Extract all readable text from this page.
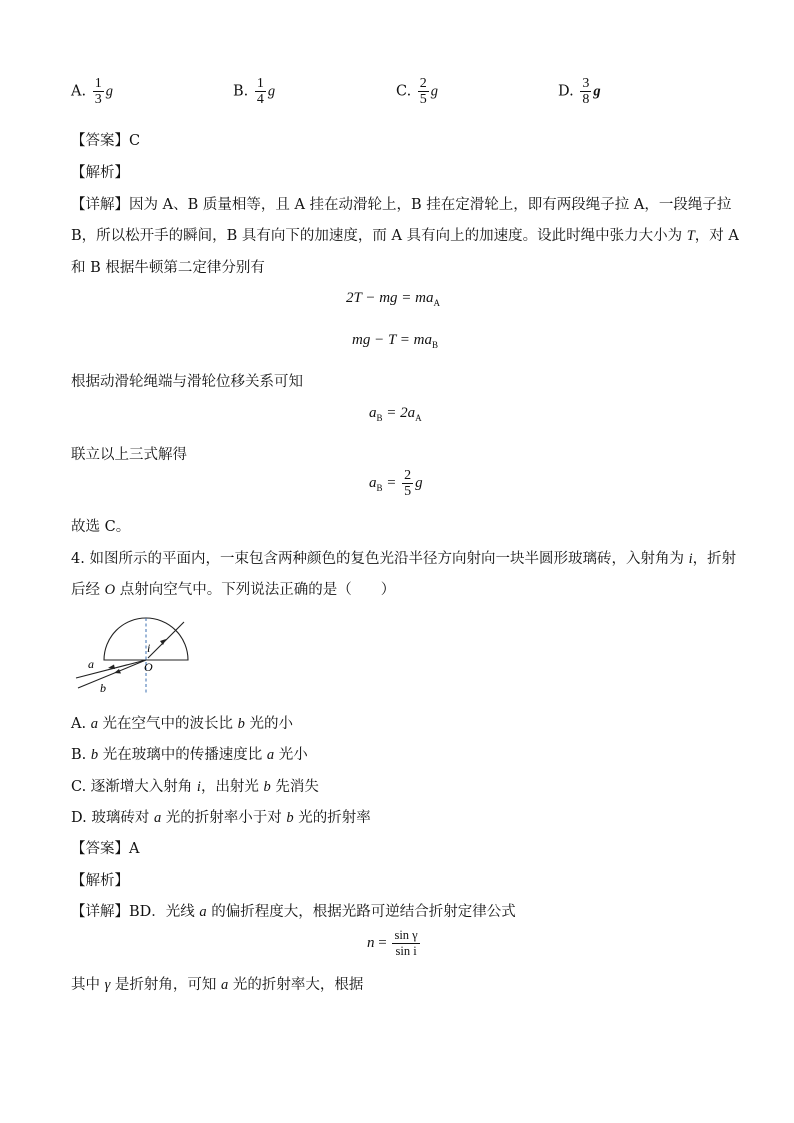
A. $\frac{1}{3}$ g	B. $\frac{1}{4}$ g	C. $\frac{2}{5}$ g	D. $\frac{3}{8}$ g
【答案】C
【解析】
【详解】因为 A、B 质量相等，且 A 挂在动滑轮上，B 挂在定滑轮上，即有两段绳子拉 A，一段绳子拉
B，所以松开手的瞬间，B 具有向下的加速度，而 A 具有向上的加速度。设此时绳中张力大小为 T，对 A
和 B 根据牛顿第二定律分别有
2T − mg = $ma_A$
mg − $T = ma_B$
根据动滑轮绳端与滑轮位移关系可知
$a_B = 2a_A$
联立以上三式解得
$a_B = \frac{2}{5}$ g
故选 C。
4. 如图所示的平面内，一束包含两种颜色的复色光沿半径方向射向一块半圆形玻璃砖，入射角为 i，折射
后经 O 点射向空气中。下列说法正确的是（　　）
i
O
a
b
A. a 光在空气中的波长比 b 光的小
B. b 光在玻璃中的传播速度比 a 光小
C. 逐渐增大入射角 i，出射光 b 先消失
D. 玻璃砖对 a 光的折射率小于对 b 光的折射率
【答案】A
【解析】
【详解】BD．光线 a 的偏折程度大，根据光路可逆结合折射定律公式
$n = \frac{\text{sin γ}}{\text{sin i}}$
其中 γ 是折射角，可知 a 光的折射率大，根据
